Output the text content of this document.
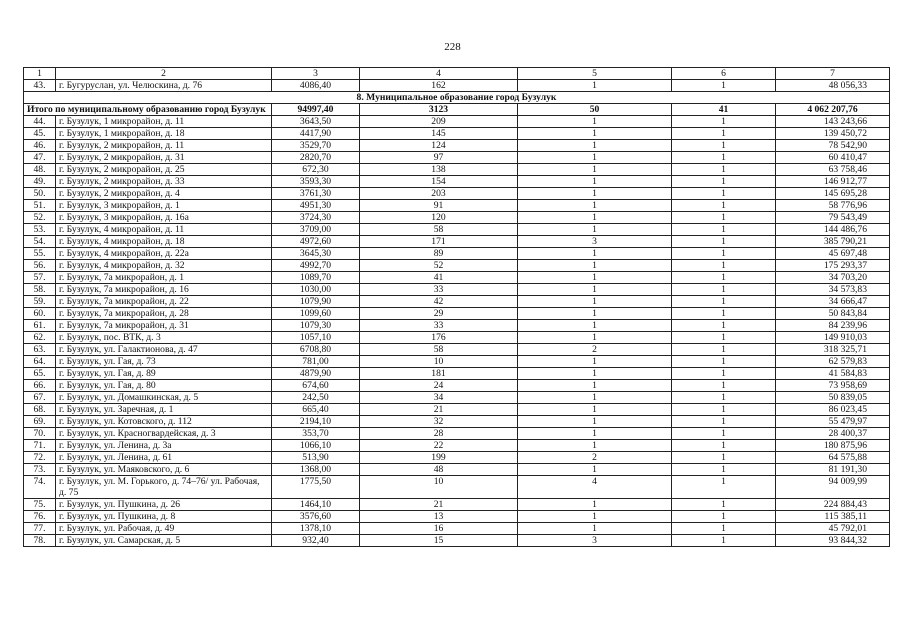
228
1	2	3	4	5	6	7
43.	г. Бугуруслан, ул. Челюскина, д. 76	4086,40	162	1	1	48 056,33
8. Муниципальное образование город Бузулук						
Итого по муниципальному образованию город Бузулук		94997,40	3123	50	41	4 062 207,76
44.	г. Бузулук, 1 микрорайон, д. 11	3643,50	209	1	1	143 243,66
45.	г. Бузулук, 1 микрорайон, д. 18	4417,90	145	1	1	139 450,72
46.	г. Бузулук, 2 микрорайон, д. 11	3529,70	124	1	1	78 542,90
47.	г. Бузулук, 2 микрорайон, д. 31	2820,70	97	1	1	60 410,47
48.	г. Бузулук, 2 микрорайон, д. 25	672,30	138	1	1	63 758,46
49.	г. Бузулук, 2 микрорайон, д. 33	3593,30	154	1	1	146 912,77
50.	г. Бузулук, 2 микрорайон, д. 4	3761,30	203	1	1	145 695,28
51.	г. Бузулук, 3 микрорайон, д. 1	4951,30	91	1	1	58 776,96
52.	г. Бузулук, 3 микрорайон, д. 16а	3724,30	120	1	1	79 543,49
53.	г. Бузулук, 4 микрорайон, д. 11	3709,00	58	1	1	144 486,76
54.	г. Бузулук, 4 микрорайон, д. 18	4972,60	171	3	1	385 790,21
55.	г. Бузулук, 4 микрорайон, д. 22а	3645,30	89	1	1	45 697,48
56.	г. Бузулук, 4 микрорайон, д. 32	4992,70	52	1	1	175 293,37
57.	г. Бузулук, 7а микрорайон, д. 1	1089,70	41	1	1	34 703,20
58.	г. Бузулук, 7а микрорайон, д. 16	1030,00	33	1	1	34 573,83
59.	г. Бузулук, 7а микрорайон, д. 22	1079,90	42	1	1	34 666,47
60.	г. Бузулук, 7а микрорайон, д. 28	1099,60	29	1	1	50 843,84
61.	г. Бузулук, 7а микрорайон, д. 31	1079,30	33	1	1	84 239,96
62.	г. Бузулук, пос. ВТК, д. 3	1057,10	176	1	1	149 910,03
63.	г. Бузулук, ул. Галактионова, д. 47	6708,80	58	2	1	318 325,71
64.	г. Бузулук, ул. Гая, д. 73	781,00	10	1	1	62 579,83
65.	г. Бузулук, ул. Гая, д. 89	4879,90	181	1	1	41 584,83
66.	г. Бузулук, ул. Гая, д. 80	674,60	24	1	1	73 958,69
67.	г. Бузулук, ул. Домашкинская, д. 5	242,50	34	1	1	50 839,05
68.	г. Бузулук, ул. Заречная, д. 1	665,40	21	1	1	86 023,45
69.	г. Бузулук, ул. Котовского, д. 112	2194,10	32	1	1	55 479,97
70.	г. Бузулук, ул. Красногвардейская, д. 3	353,70	28	1	1	28 400,37
71.	г. Бузулук, ул. Ленина, д. 3а	1066,10	22	1	1	180 875,96
72.	г. Бузулук, ул. Ленина, д. 61	513,90	199	2	1	64 575,88
73.	г. Бузулук, ул. Маяковского, д. 6	1368,00	48	1	1	81 191,30
74.	г. Бузулук, ул. М. Горького, д. 74–76/ ул. Рабочая, д. 75	1775,50	10	4	1	94 009,99
75.	г. Бузулук, ул. Пушкина, д. 26	1464,10	21	1	1	224 884,43
76.	г. Бузулук, ул. Пушкина, д. 8	3576,60	13	1	1	115 385,11
77.	г. Бузулук, ул. Рабочая, д. 49	1378,10	16	1	1	45 792,01
78.	г. Бузулук, ул. Самарская, д. 5	932,40	15	3	1	93 844,32
